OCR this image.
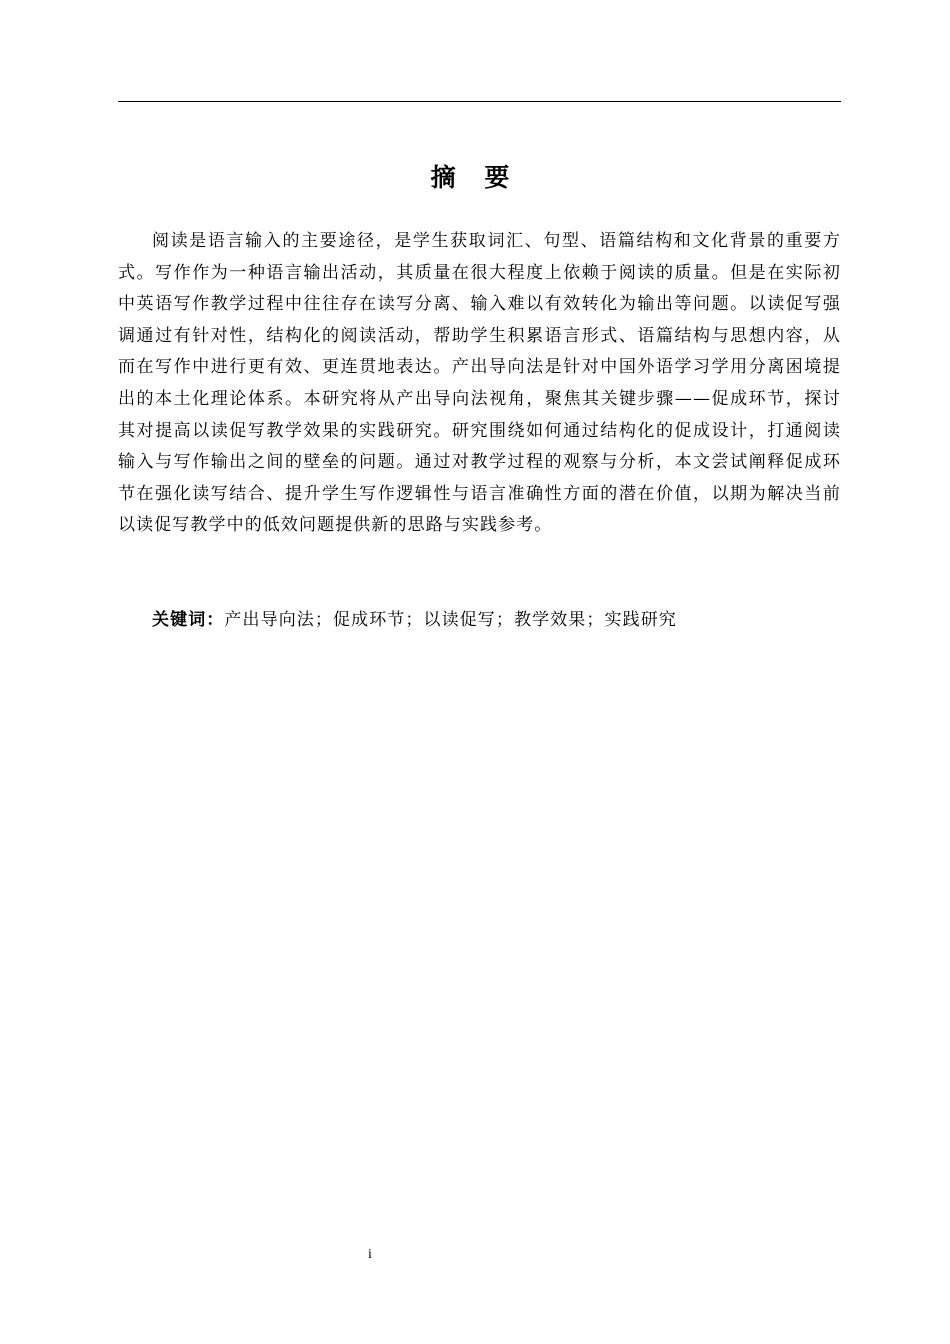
摘 要

阅读是语言输入的主要途径，是学生获取词汇、句型、语篇结构和文化背景的重要方式。写作作为一种语言输出活动，其质量在很大程度上依赖于阅读的质量。但是在实际初中英语写作教学过程中往往存在读写分离、输入难以有效转化为输出等问题。以读促写强调通过有针对性，结构化的阅读活动，帮助学生积累语言形式、语篇结构与思想内容，从而在写作中进行更有效、更连贯地表达。产出导向法是针对中国外语学习学用分离困境提出的本土化理论体系。本研究将从产出导向法视角，聚焦其关键步骤——促成环节，探讨其对提高以读促写教学效果的实践研究。研究围绕如何通过结构化的促成设计，打通阅读输入与写作输出之间的壁垒的问题。通过对教学过程的观察与分析，本文尝试阐释促成环节在强化读写结合、提升学生写作逻辑性与语言准确性方面的潜在价值，以期为解决当前以读促写教学中的低效问题提供新的思路与实践参考。

关键词：产出导向法；促成环节；以读促写；教学效果；实践研究
i
